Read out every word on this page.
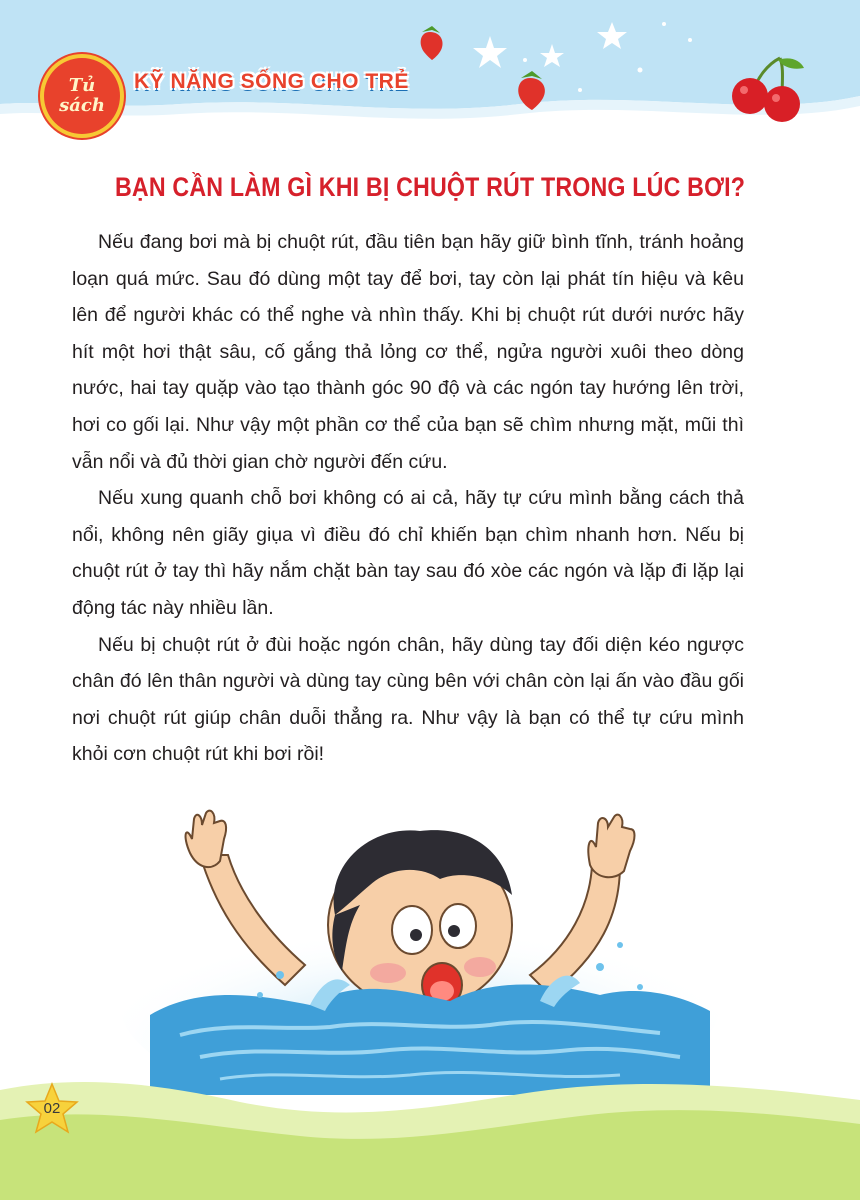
Tủ
sách
KỸ NĂNG SỐNG CHO TRẺ
BẠN CẦN LÀM GÌ KHI BỊ CHUỘT RÚT TRONG LÚC BƠI?

Nếu đang bơi mà bị chuột rút, đầu tiên bạn hãy giữ bình tĩnh, tránh hoảng loạn quá mức. Sau đó dùng một tay để bơi, tay còn lại phát tín hiệu và kêu lên để người khác có thể nghe và nhìn thấy. Khi bị chuột rút dưới nước hãy hít một hơi thật sâu, cố gắng thả lỏng cơ thể, ngửa người xuôi theo dòng nước, hai tay quặp vào tạo thành góc 90 độ và các ngón tay hướng lên trời, hơi co gối lại. Như vậy một phần cơ thể của bạn sẽ chìm nhưng mặt, mũi thì vẫn nổi và đủ thời gian chờ người đến cứu.

Nếu xung quanh chỗ bơi không có ai cả, hãy tự cứu mình bằng cách thả nổi, không nên giãy giụa vì điều đó chỉ khiến bạn chìm nhanh hơn. Nếu bị chuột rút ở tay thì hãy nắm chặt bàn tay sau đó xòe các ngón và lặp đi lặp lại động tác này nhiều lần.

Nếu bị chuột rút ở đùi hoặc ngón chân, hãy dùng tay đối diện kéo ngược chân đó lên thân người và dùng tay cùng bên với chân còn lại ấn vào đầu gối nơi chuột rút giúp chân duỗi thẳng ra. Như vậy là bạn có thể tự cứu mình khỏi cơn chuột rút khi bơi rồi!

02
